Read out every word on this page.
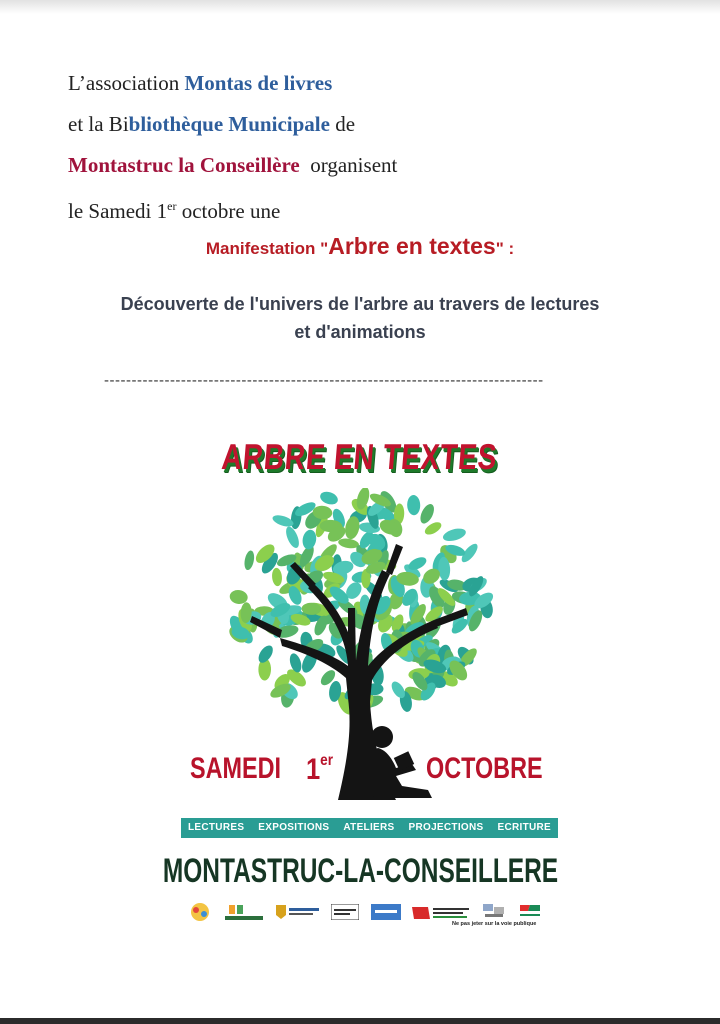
L’association Montas de livres

et la Bibliothèque Municipale de

Montastruc la Conseillère  organisent

le Samedi 1er octobre une

Manifestation "Arbre en textes" :

Découverte de l'univers de l'arbre au travers de lectures

et d'animations

--------------------------------------------------------------------------------
ARBRE EN TEXTES
SAMEDI 1er	OCTOBRE
LECTURES	EXPOSITIONS	ATELIERS	PROJECTIONS	ECRITURE
MONTASTRUC-LA-CONSEILLERE
Ne pas jeter sur la voie publique
